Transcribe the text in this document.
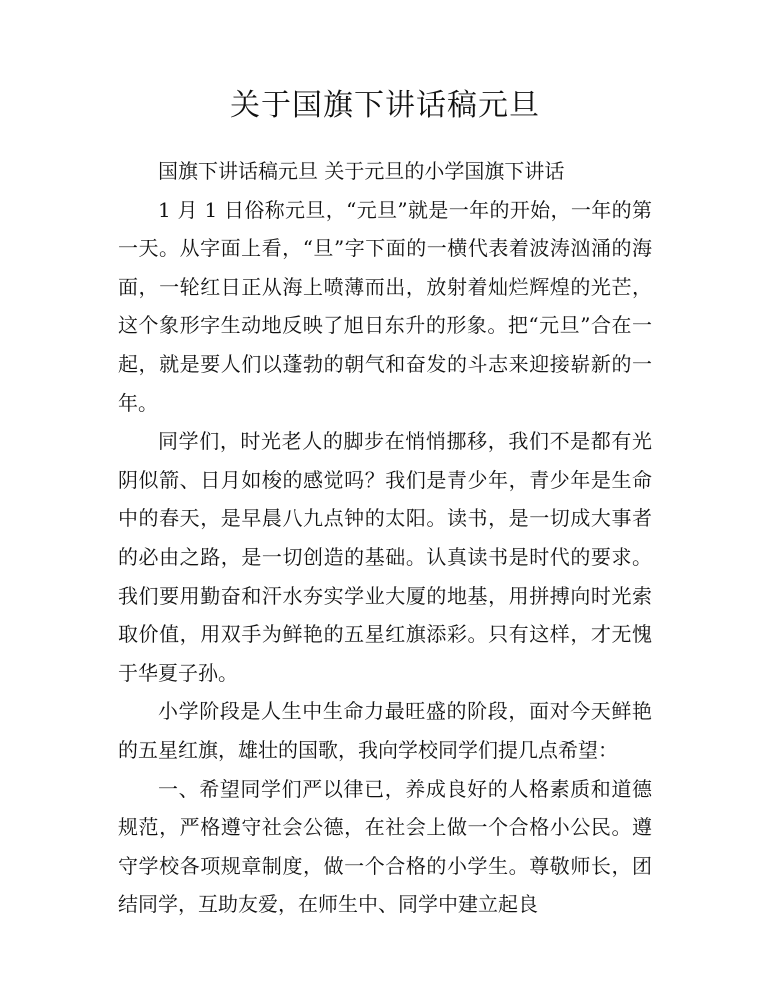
关于国旗下讲话稿元旦

国旗下讲话稿元旦 关于元旦的小学国旗下讲话

1 月 1 日俗称元旦，“元旦”就是一年的开始，一年的第一天。从字面上看，“旦”字下面的一横代表着波涛汹涌的海面，一轮红日正从海上喷薄而出，放射着灿烂辉煌的光芒，这个象形字生动地反映了旭日东升的形象。把“元旦”合在一起，就是要人们以蓬勃的朝气和奋发的斗志来迎接崭新的一年。

同学们，时光老人的脚步在悄悄挪移，我们不是都有光阴似箭、日月如梭的感觉吗？我们是青少年，青少年是生命中的春天，是早晨八九点钟的太阳。读书，是一切成大事者的必由之路，是一切创造的基础。认真读书是时代的要求。我们要用勤奋和汗水夯实学业大厦的地基，用拼搏向时光索取价值，用双手为鲜艳的五星红旗添彩。只有这样，才无愧于华夏子孙。

小学阶段是人生中生命力最旺盛的阶段，面对今天鲜艳的五星红旗，雄壮的国歌，我向学校同学们提几点希望：

一、希望同学们严以律已，养成良好的人格素质和道德规范，严格遵守社会公德，在社会上做一个合格小公民。遵守学校各项规章制度，做一个合格的小学生。尊敬师长，团结同学，互助友爱，在师生中、同学中建立起良
